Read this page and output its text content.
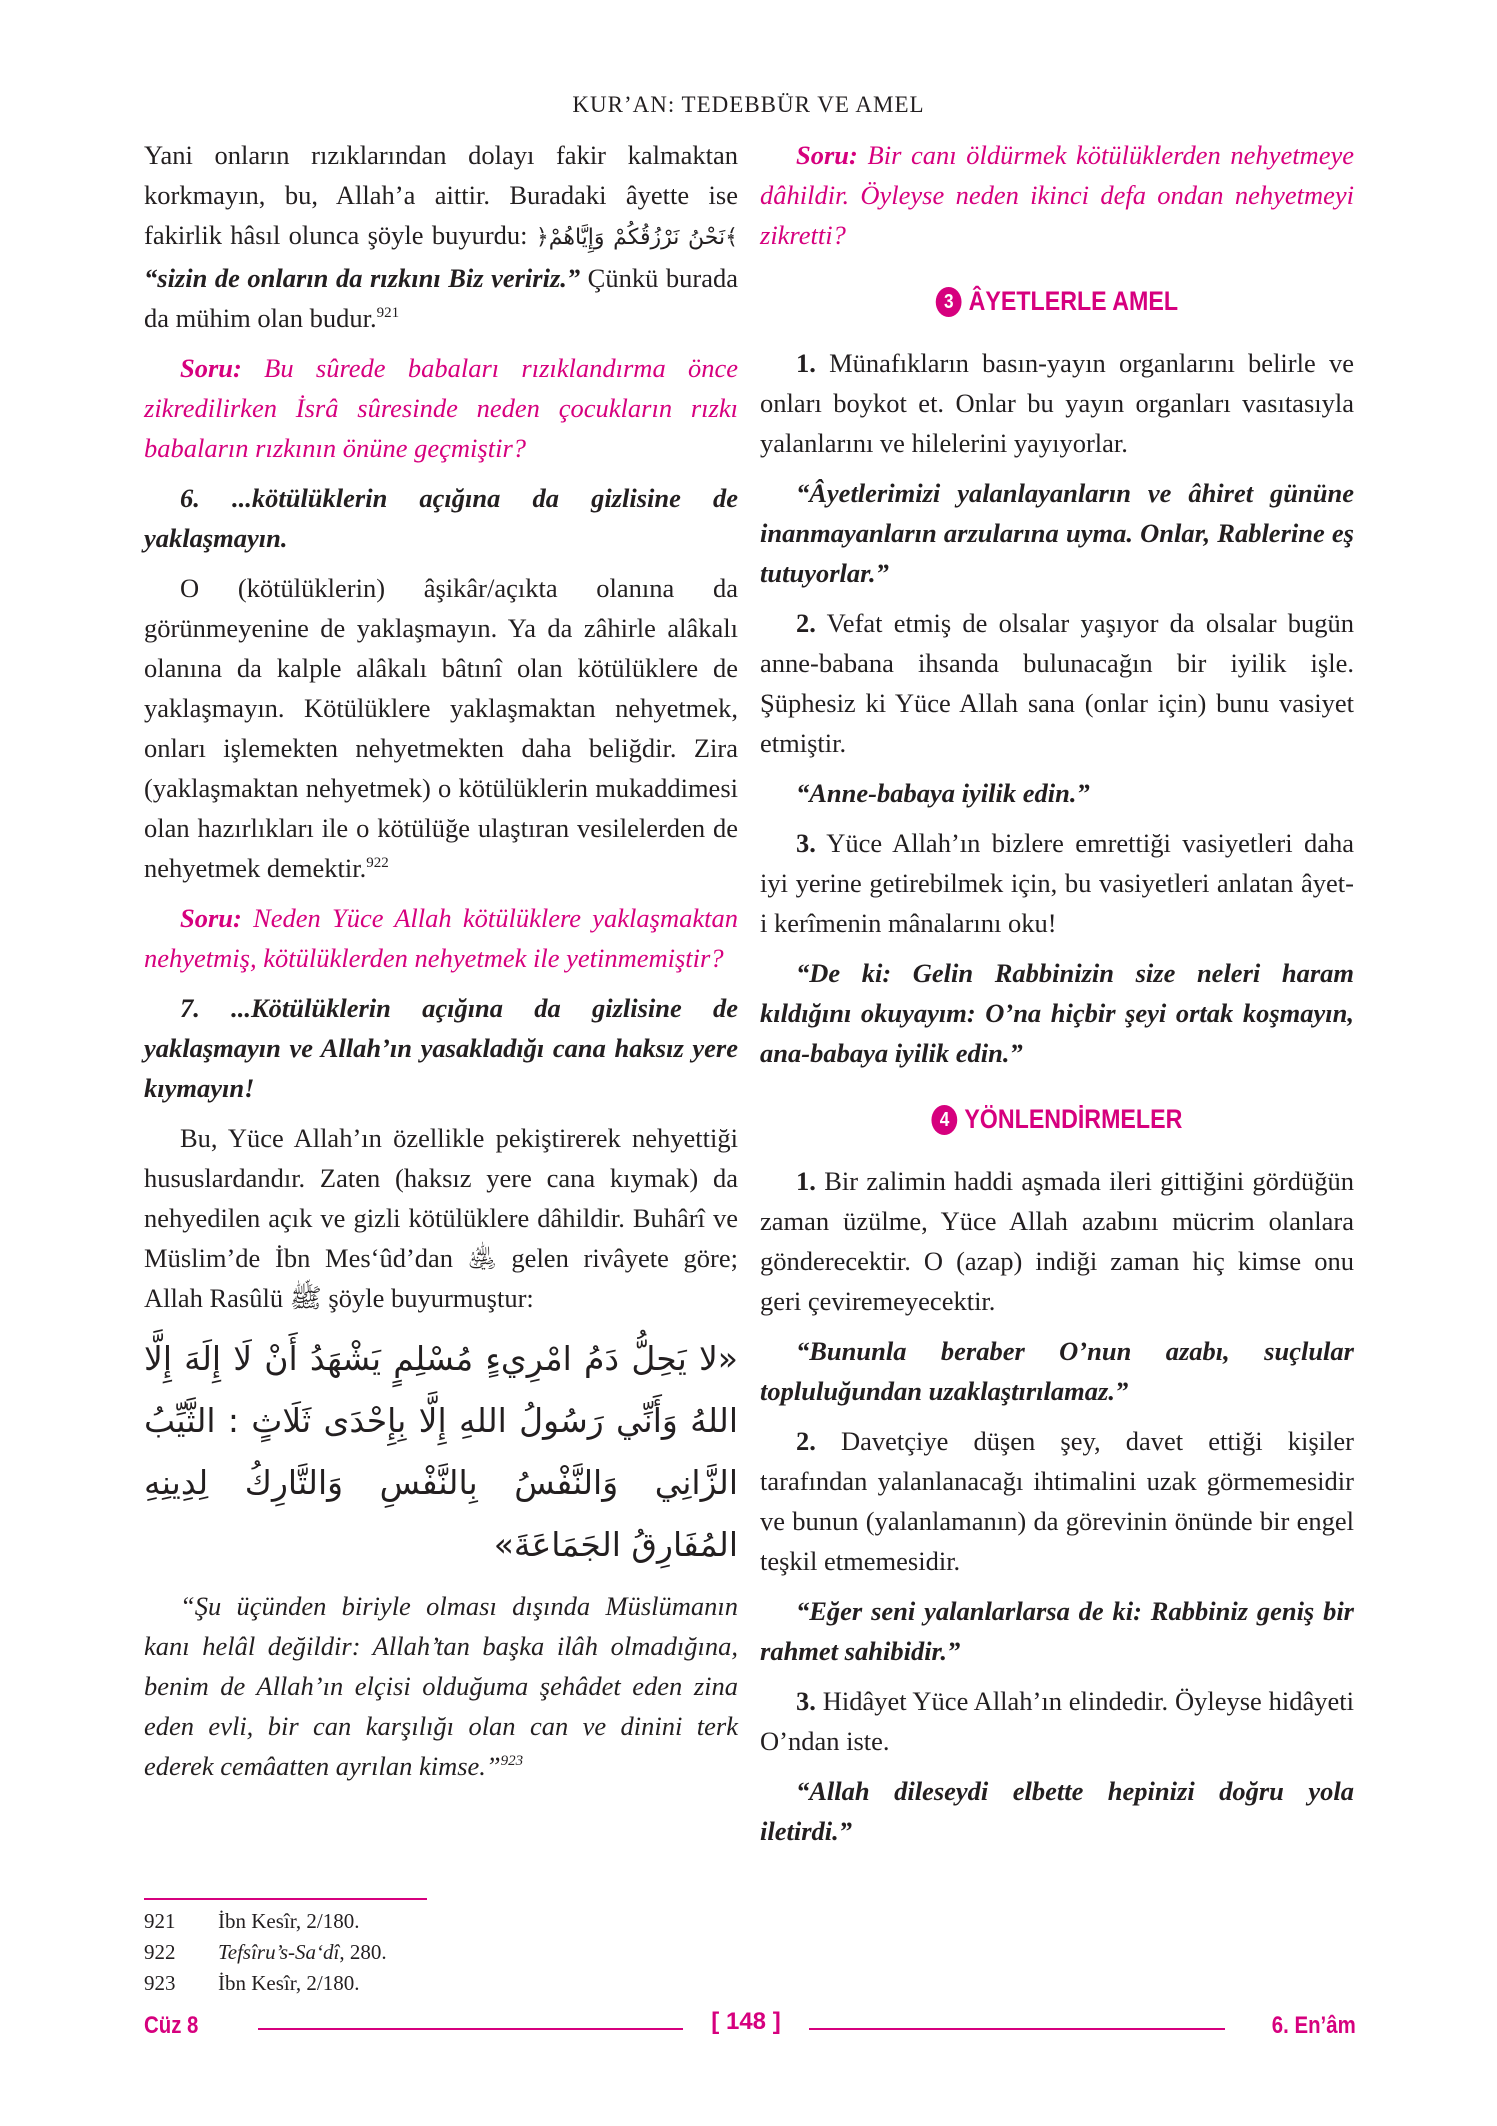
KUR’AN: TEDEBBÜR VE AMEL

Yani onların rızıklarından dolayı fakir kalmaktan korkmayın, bu, Allah’a aittir. Buradaki âyette ise fakirlik hâsıl olunca şöyle buyurdu: ﴿نَحْنُ نَرْزُقُكُمْ وَإِيَّاهُمْ﴾ “sizin de onların da rızkını Biz veririz.” Çünkü burada da mühim olan budur.$^{921}$

Soru: Bu sûrede babaları rızıklandırma önce zikredilirken İsrâ sûresinde neden çocukların rızkı babaların rızkının önüne geçmiştir?

6. ...kötülüklerin açığına da gizlisine de yaklaşmayın.

O (kötülüklerin) âşikâr/açıkta olanına da görünmeyenine de yaklaşmayın. Ya da zâhirle alâkalı olanına da kalple alâkalı bâtınî olan kötülüklere de yaklaşmayın. Kötülüklere yaklaşmaktan nehyetmek, onları işlemekten nehyetmekten daha beliğdir. Zira (yaklaşmaktan nehyetmek) o kötülüklerin mukaddimesi olan hazırlıkları ile o kötülüğe ulaştıran vesilelerden de nehyetmek demektir.$^{922}$

Soru: Neden Yüce Allah kötülüklere yaklaşmaktan nehyetmiş, kötülüklerden nehyetmek ile yetinmemiştir?

7. ...Kötülüklerin açığına da gizlisine de yaklaşmayın ve Allah’ın yasakladığı cana haksız yere kıymayın!

Bu, Yüce Allah’ın özellikle pekiştirerek nehyettiği hususlardandır. Zaten (haksız yere cana kıymak) da nehyedilen açık ve gizli kötülüklere dâhildir. Buhârî ve Müslim’de İbn Mes‘ûd’dan ﵁ gelen rivâyete göre; Allah Rasûlü ﷺ şöyle buyurmuştur:

«لا يَحِلُّ دَمُ امْرِيءٍ مُسْلِمٍ يَشْهَدُ أَنْ لَا إِلَهَ إِلَّا اللهُ وَأَنِّي رَسُولُ اللهِ إِلَّا بِإِحْدَى ثَلَاثٍ : الثَّيِّبُ الزَّانِي وَالنَّفْسُ بِالنَّفْسِ وَالتَّارِكُ لِدِينِهِ المُفَارِقُ الجَمَاعَةَ»

“Şu üçünden biriyle olması dışında Müslümanın kanı helâl değildir: Allah’tan başka ilâh olmadığına, benim de Allah’ın elçisi olduğuma şehâdet eden zina eden evli, bir can karşılığı olan can ve dinini terk ederek cemâatten ayrılan kimse.”$^{923}$

Soru: Bir canı öldürmek kötülüklerden nehyetmeye dâhildir. Öyleyse neden ikinci defa ondan nehyetmeyi zikretti?

3 ÂYETLERLE AMEL

1. Münafıkların basın-yayın organlarını belirle ve onları boykot et. Onlar bu yayın organları vasıtasıyla yalanlarını ve hilelerini yayıyorlar.

“Âyetlerimizi yalanlayanların ve âhiret gününe inanmayanların arzularına uyma. Onlar, Rablerine eş tutuyorlar.”

2. Vefat etmiş de olsalar yaşıyor da olsalar bugün anne-babana ihsanda bulunacağın bir iyilik işle. Şüphesiz ki Yüce Allah sana (onlar için) bunu vasiyet etmiştir.

“Anne-babaya iyilik edin.”

3. Yüce Allah’ın bizlere emrettiği vasiyetleri daha iyi yerine getirebilmek için, bu vasiyetleri anlatan âyet-i kerîmenin mânalarını oku!

“De ki: Gelin Rabbinizin size neleri haram kıldığını okuyayım: O’na hiçbir şeyi ortak koşmayın, ana-babaya iyilik edin.”

4 YÖNLENDİRMELER

1. Bir zalimin haddi aşmada ileri gittiğini gördüğün zaman üzülme, Yüce Allah azabını mücrim olanlara gönderecektir. O (azap) indiği zaman hiç kimse onu geri çeviremeyecektir.

“Bununla beraber O’nun azabı, suçlular topluluğundan uzaklaştırılamaz.”

2. Davetçiye düşen şey, davet ettiği kişiler tarafından yalanlanacağı ihtimalini uzak görmemesidir ve bunun (yalanlamanın) da görevinin önünde bir engel teşkil etmemesidir.

“Eğer seni yalanlarlarsa de ki: Rabbiniz geniş bir rahmet sahibidir.”

3. Hidâyet Yüce Allah’ın elindedir. Öyleyse hidâyeti O’ndan iste.

“Allah dileseydi elbette hepinizi doğru yola iletirdi.”

921	İbn Kesîr, 2/180.
922	Tefsîru’s-Sa‘dî, 280.
923	İbn Kesîr, 2/180.
Cüz 8	[ 148 ]	6. En’âm
